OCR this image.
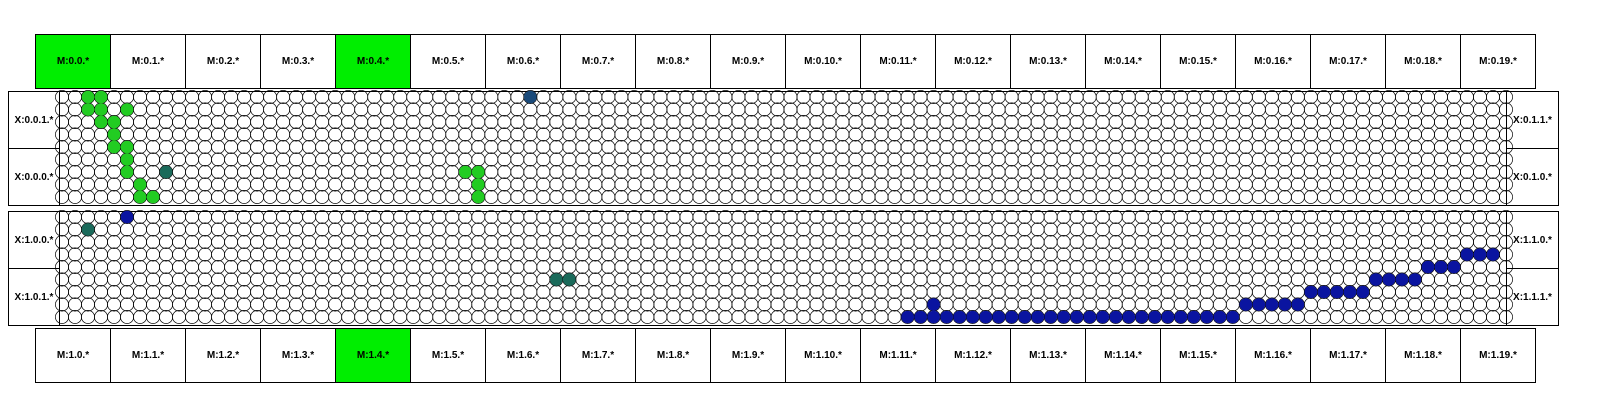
M:0.0.*	M:0.1.*	M:0.2.*	M:0.3.*	M:0.4.*	M:0.5.*	M:0.6.*	M:0.7.*	M:0.8.*	M:0.9.*	M:0.10.*	M:0.11.*	M:0.12.*	M:0.13.*	M:0.14.*	M:0.15.*	M:0.16.*	M:0.17.*	M:0.18.*	M:0.19.*
M:1.0.*	M:1.1.*	M:1.2.*	M:1.3.*	M:1.4.*	M:1.5.*	M:1.6.*	M:1.7.*	M:1.8.*	M:1.9.*	M:1.10.*	M:1.11.*	M:1.12.*	M:1.13.*	M:1.14.*	M:1.15.*	M:1.16.*	M:1.17.*	M:1.18.*	M:1.19.*
X:0.0.1.*	X:0.1.1.*
X:0.0.0.*	X:0.1.0.*
X:1.0.0.*	X:1.1.0.*
X:1.0.1.*	X:1.1.1.*
